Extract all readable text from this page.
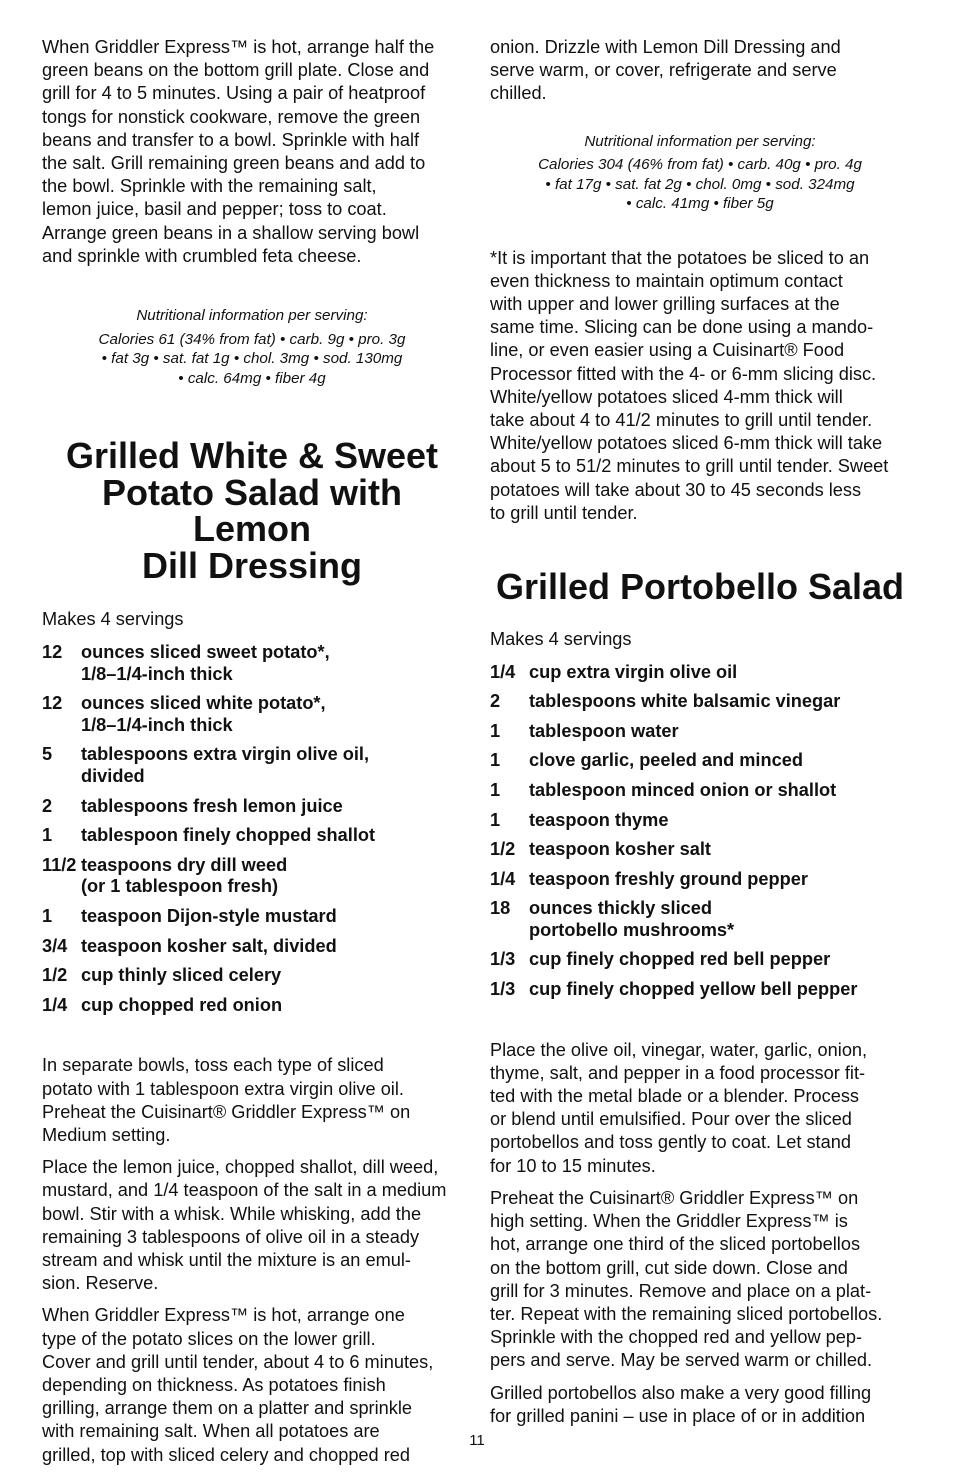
When Griddler Express™ is hot, arrange half the
green beans on the bottom grill plate. Close and
grill for 4 to 5 minutes. Using a pair of heatproof
tongs for nonstick cookware, remove the green
beans and transfer to a bowl. Sprinkle with half
the salt. Grill remaining green beans and add to
the bowl. Sprinkle with the remaining salt,
lemon juice, basil and pepper; toss to coat.
Arrange green beans in a shallow serving bowl
and sprinkle with crumbled feta cheese.

Nutritional information per serving:

Calories 61 (34% from fat) • carb. 9g • pro. 3g

• fat 3g • sat. fat 1g • chol. 3mg • sod. 130mg

• calc. 64mg • fiber 4g

Grilled White & Sweet
Potato Salad with Lemon
Dill Dressing

Makes 4 servings

12	ounces sliced sweet potato*,
1/8–1/4-inch thick
12	ounces sliced white potato*,
1/8–1/4-inch thick
5	tablespoons extra virgin olive oil,
divided
2	tablespoons fresh lemon juice
1	tablespoon finely chopped shallot
11/2 teaspoons dry dill weed
(or 1 tablespoon fresh)
1	teaspoon Dijon-style mustard
3/4 teaspoon kosher salt, divided
1/2 cup thinly sliced celery
1/4 cup chopped red onion

In separate bowls, toss each type of sliced
potato with 1 tablespoon extra virgin olive oil.
Preheat the Cuisinart® Griddler Express™ on
Medium setting.

Place the lemon juice, chopped shallot, dill weed,
mustard, and 1/4 teaspoon of the salt in a medium
bowl. Stir with a whisk. While whisking, add the
remaining 3 tablespoons of olive oil in a steady
stream and whisk until the mixture is an emul-
sion. Reserve.

When Griddler Express™ is hot, arrange one
type of the potato slices on the lower grill.
Cover and grill until tender, about 4 to 6 minutes,
depending on thickness. As potatoes finish
grilling, arrange them on a platter and sprinkle
with remaining salt. When all potatoes are
grilled, top with sliced celery and chopped red

onion. Drizzle with Lemon Dill Dressing and
serve warm, or cover, refrigerate and serve
chilled.

Nutritional information per serving:

Calories 304 (46% from fat) • carb. 40g • pro. 4g

• fat 17g • sat. fat 2g • chol. 0mg • sod. 324mg

• calc. 41mg • fiber 5g

*It is important that the potatoes be sliced to an
even thickness to maintain optimum contact
with upper and lower grilling surfaces at the
same time. Slicing can be done using a mando-
line, or even easier using a Cuisinart® Food
Processor fitted with the 4- or 6-mm slicing disc.
White/yellow potatoes sliced 4-mm thick will
take about 4 to 41/2 minutes to grill until tender.
White/yellow potatoes sliced 6-mm thick will take
about 5 to 51/2 minutes to grill until tender. Sweet
potatoes will take about 30 to 45 seconds less
to grill until tender.

Grilled Portobello Salad

Makes 4 servings

1/4 cup extra virgin olive oil
2	tablespoons white balsamic vinegar
1	tablespoon water
1	clove garlic, peeled and minced
1	tablespoon minced onion or shallot
1	teaspoon thyme
1/2 teaspoon kosher salt
1/4 teaspoon freshly ground pepper
18	ounces thickly sliced
portobello mushrooms*
1/3 cup finely chopped red bell pepper
1/3 cup finely chopped yellow bell pepper

Place the olive oil, vinegar, water, garlic, onion,
thyme, salt, and pepper in a food processor fit-
ted with the metal blade or a blender. Process
or blend until emulsified. Pour over the sliced
portobellos and toss gently to coat. Let stand
for 10 to 15 minutes.

Preheat the Cuisinart® Griddler Express™ on
high setting. When the Griddler Express™ is
hot, arrange one third of the sliced portobellos
on the bottom grill, cut side down. Close and
grill for 3 minutes. Remove and place on a plat-
ter. Repeat with the remaining sliced portobellos.
Sprinkle with the chopped red and yellow pep-
pers and serve. May be served warm or chilled.

Grilled portobellos also make a very good filling
for grilled panini – use in place of or in addition

11
